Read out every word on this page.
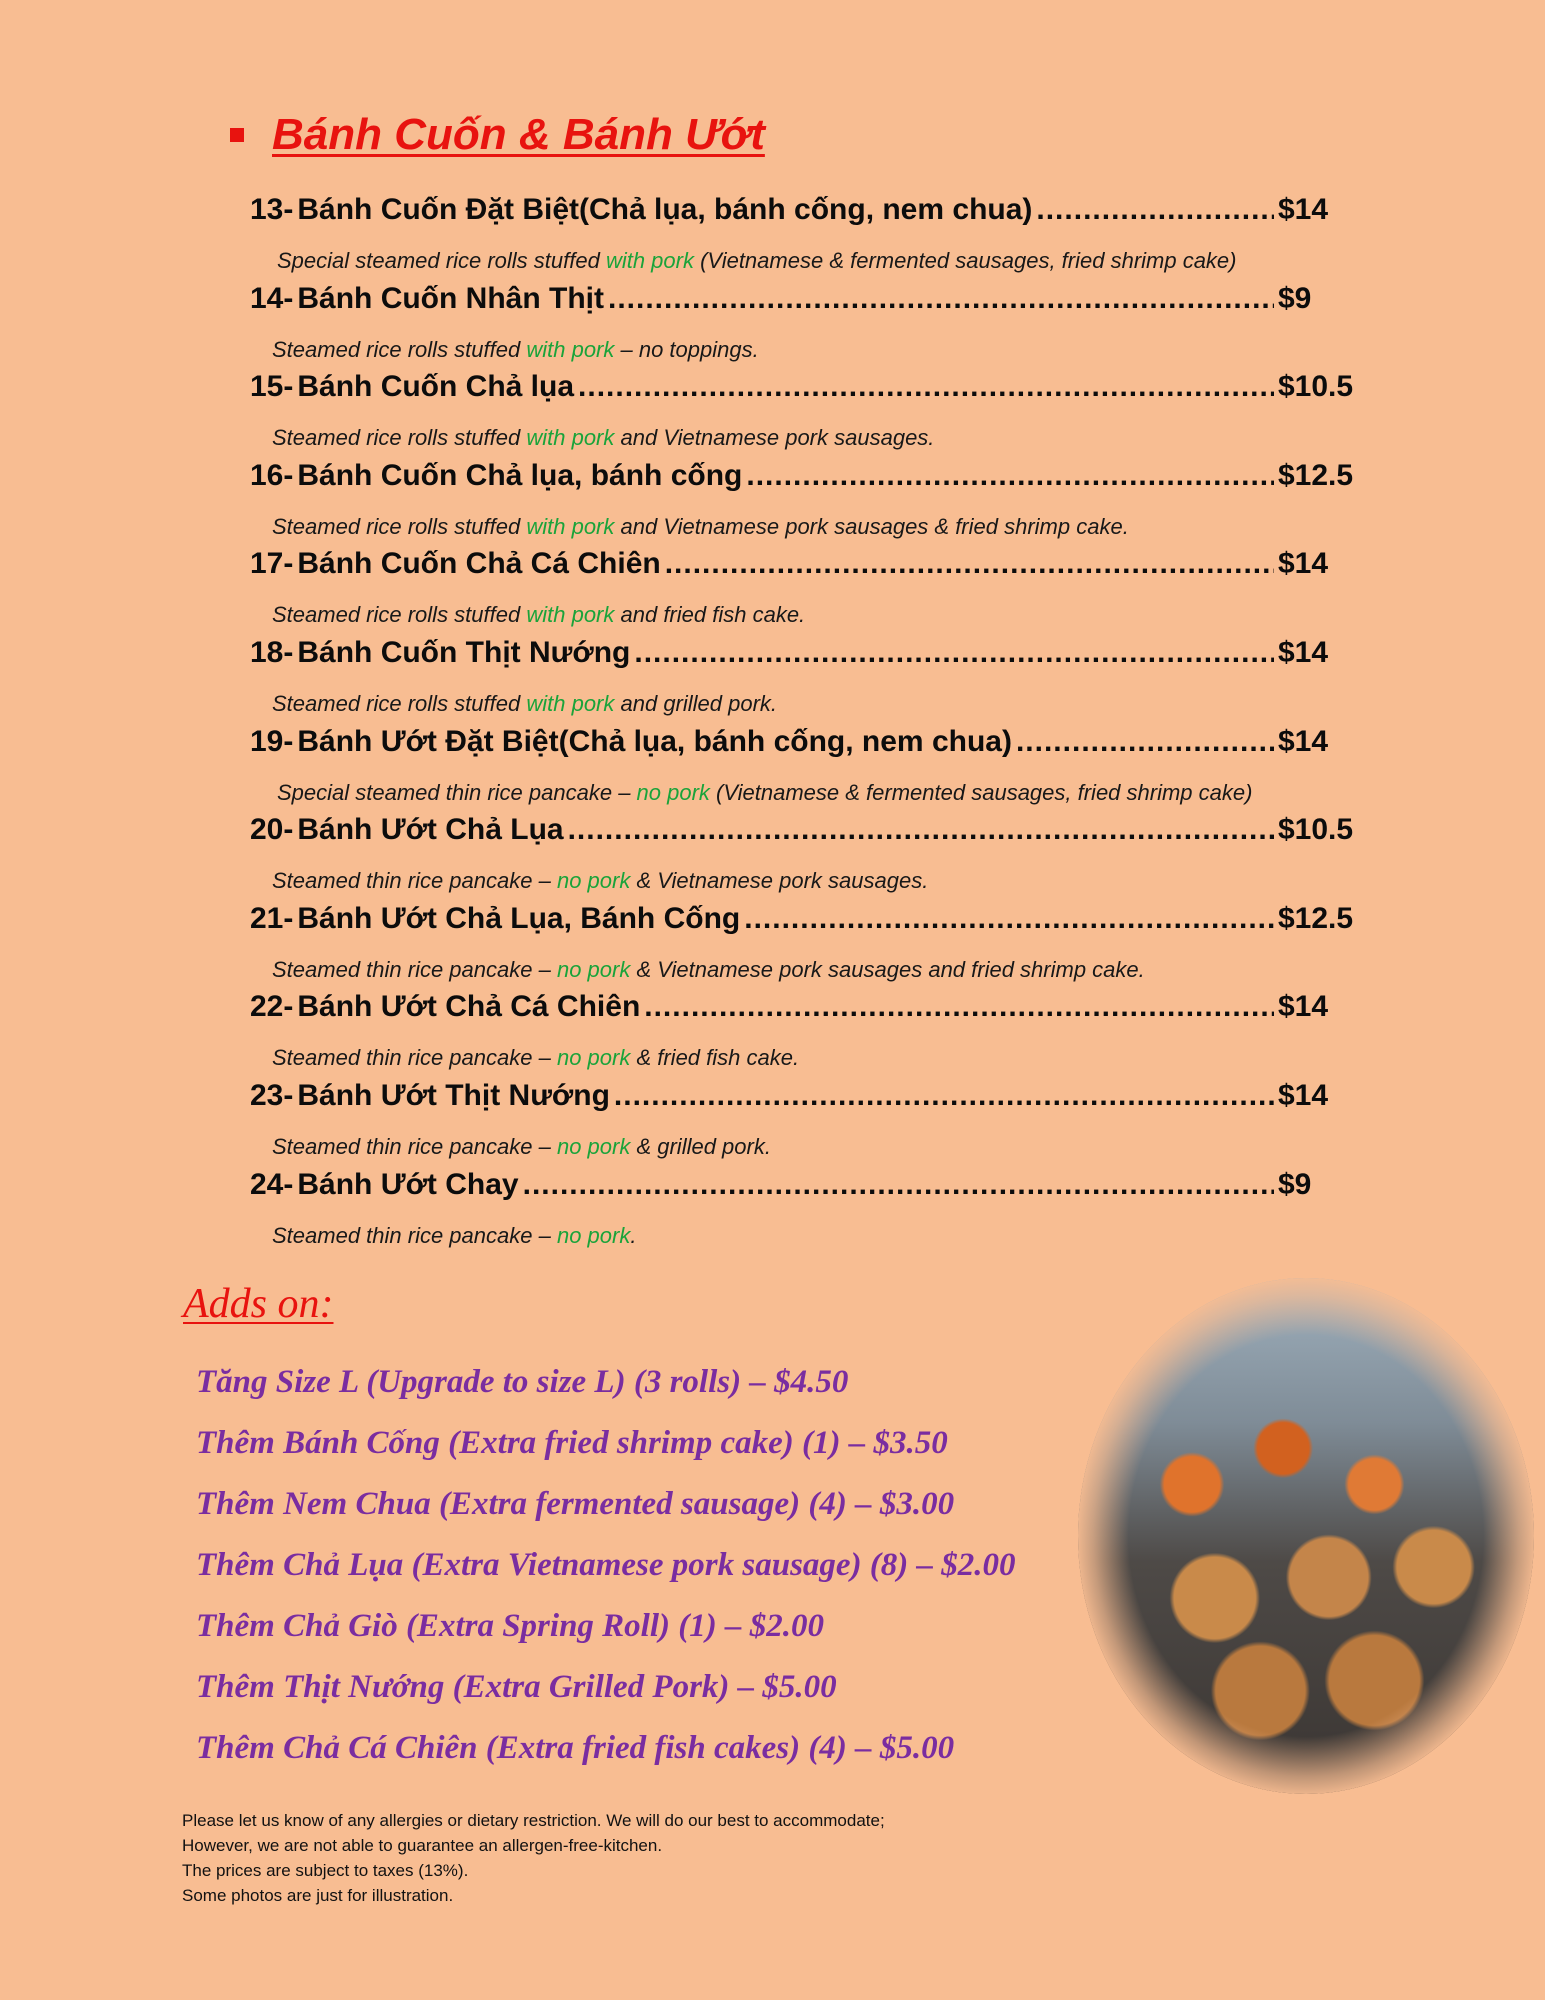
Bánh Cuốn & Bánh Ướt
13- Bánh Cuốn Đặt Biệt(Chả lụa, bánh cống, nem chua) .....	$14
Special steamed rice rolls stuffed with pork (Vietnamese & fermented sausages, fried shrimp cake)
14- Bánh Cuốn Nhân Thịt .....	$9
Steamed rice rolls stuffed with pork – no toppings.
15- Bánh Cuốn Chả lụa .....	$10.5
Steamed rice rolls stuffed with pork and Vietnamese pork sausages.
16- Bánh Cuốn Chả lụa, bánh cống .....	$12.5
Steamed rice rolls stuffed with pork and Vietnamese pork sausages & fried shrimp cake.
17- Bánh Cuốn Chả Cá Chiên .....	$14
Steamed rice rolls stuffed with pork and fried fish cake.
18- Bánh Cuốn Thịt Nướng .....	$14
Steamed rice rolls stuffed with pork and grilled pork.
19- Bánh Ướt Đặt Biệt(Chả lụa, bánh cống, nem chua) .....	$14
Special steamed thin rice pancake – no pork (Vietnamese & fermented sausages, fried shrimp cake)
20- Bánh Ướt Chả Lụa .....	$10.5
Steamed thin rice pancake – no pork & Vietnamese pork sausages.
21- Bánh Ướt Chả Lụa, Bánh Cống .....	$12.5
Steamed thin rice pancake – no pork & Vietnamese pork sausages and fried shrimp cake.
22- Bánh Ướt Chả Cá Chiên .....	$14
Steamed thin rice pancake – no pork & fried fish cake.
23- Bánh Ướt Thịt Nướng .....	$14
Steamed thin rice pancake – no pork & grilled pork.
24- Bánh Ướt Chay .....	$9
Steamed thin rice pancake – no pork.
Adds on:
Tăng Size L (Upgrade to size L) (3 rolls) – $4.50
Thêm Bánh Cống (Extra fried shrimp cake) (1) – $3.50
Thêm Nem Chua (Extra fermented sausage) (4) – $3.00
Thêm Chả Lụa (Extra Vietnamese pork sausage) (8) – $2.00
Thêm Chả Giò (Extra Spring Roll) (1) – $2.00
Thêm Thịt Nướng (Extra Grilled Pork) – $5.00
Thêm Chả Cá Chiên (Extra fried fish cakes) (4) – $5.00
Please let us know of any allergies or dietary restriction. We will do our best to accommodate;
However, we are not able to guarantee an allergen-free-kitchen.
The prices are subject to taxes (13%).
Some photos are just for illustration.
